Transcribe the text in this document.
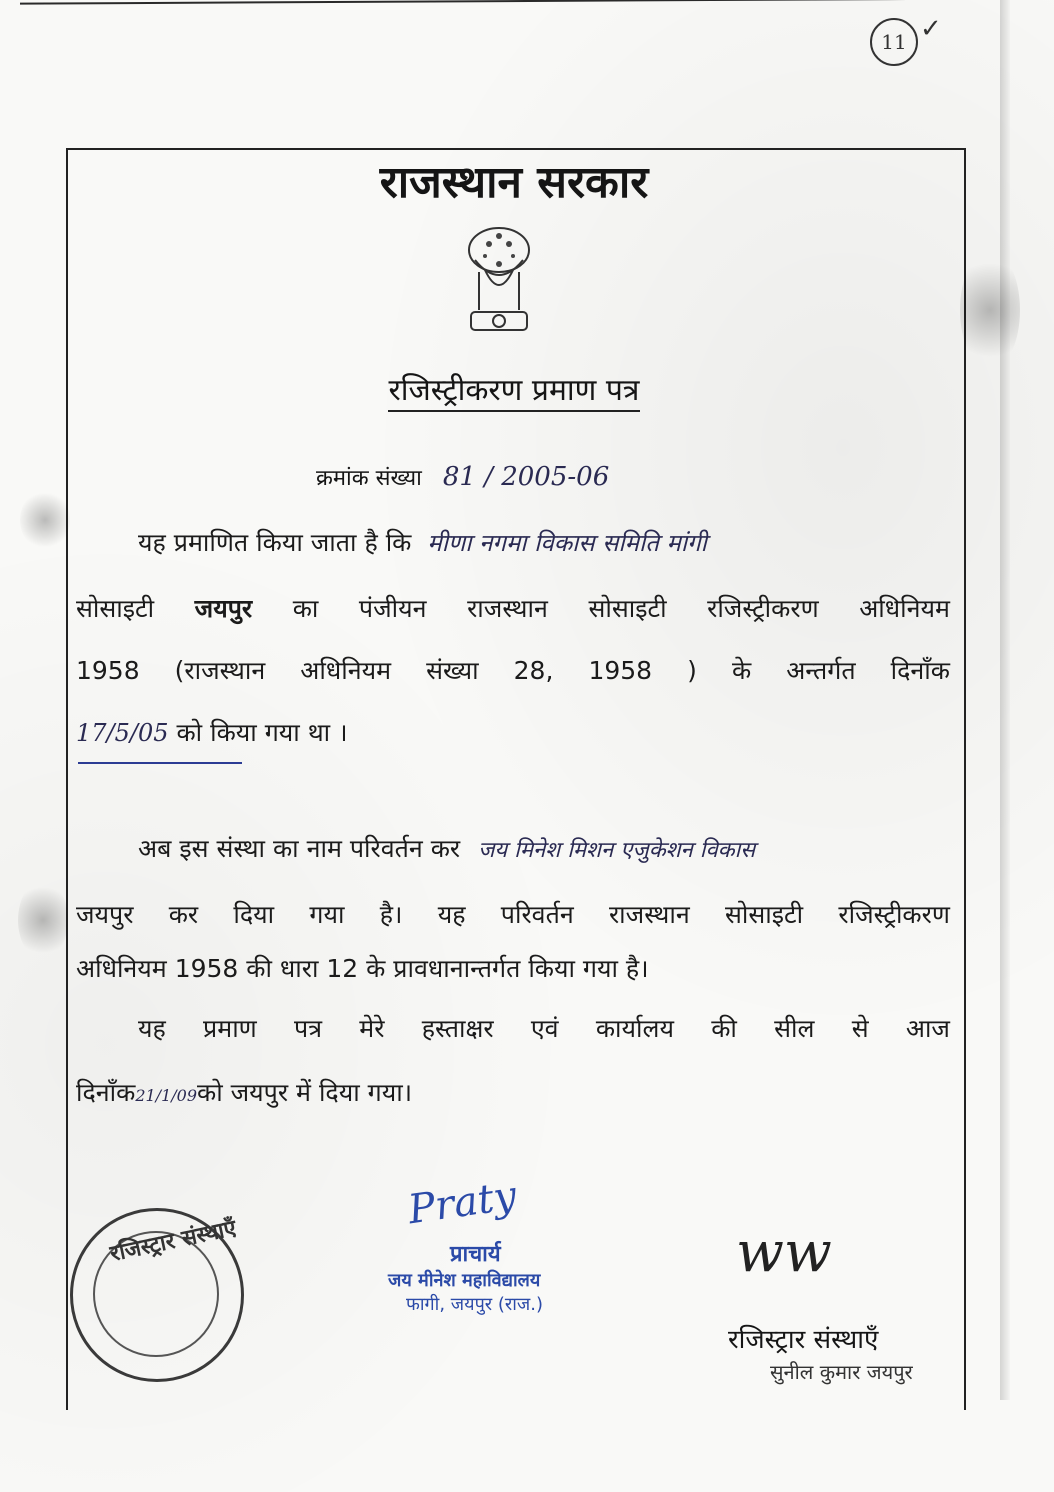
11 ✓
राजस्थान सरकार
रजिस्ट्रीकरण प्रमाण पत्र
क्रमांक संख्या 81 / 2005-06
यह प्रमाणित किया जाता है कि मीणा नगमा विकास समिति मांगी
सोसाइटी जयपुर का पंजीयन राजस्थान सोसाइटी रजिस्ट्रीकरण अधिनियम
1958 (राजस्थान अधिनियम संख्या 28, 1958 ) के अन्तर्गत दिनाँक
17/5/05 को किया गया था ।
अब इस संस्था का नाम परिवर्तन कर जय मिनेश मिशन एजुकेशन विकास
जयपुर कर दिया गया है। यह परिवर्तन राजस्थान सोसाइटी रजिस्ट्रीकरण
अधिनियम 1958 की धारा 12 के प्रावधानान्तर्गत किया गया है।
यह प्रमाण पत्र मेरे हस्ताक्षर एवं कार्यालय की सील से आज
दिनाँक21/1/09को जयपुर में दिया गया।
रजिस्ट्रार संस्थाएँ
Praty
प्राचार्य
जय मीनेश महाविद्यालय
फागी, जयपुर (राज.)
ww
रजिस्ट्रार संस्थाएँ
सुनील कुमार जयपुर
